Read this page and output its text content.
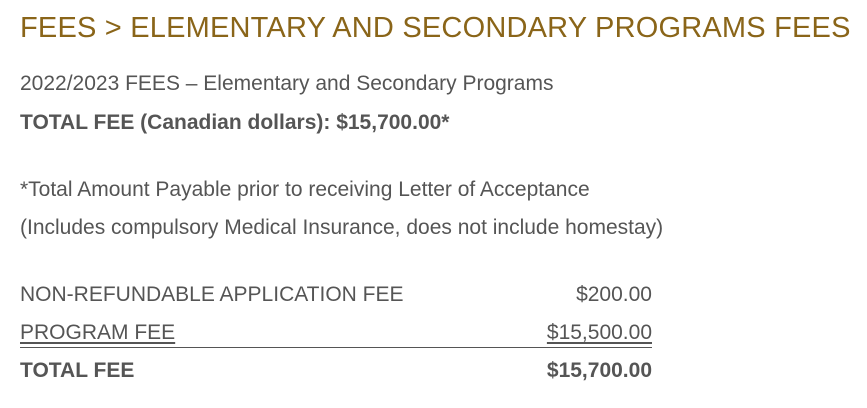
FEES > ELEMENTARY AND SECONDARY PROGRAMS FEES
2022/2023 FEES – Elementary and Secondary Programs
TOTAL FEE (Canadian dollars): $15,700.00*
*Total Amount Payable prior to receiving Letter of Acceptance
(Includes compulsory Medical Insurance, does not include homestay)
NON-REFUNDABLE APPLICATION FEE	$200.00
PROGRAM FEE	$15,500.00
TOTAL FEE	$15,700.00
